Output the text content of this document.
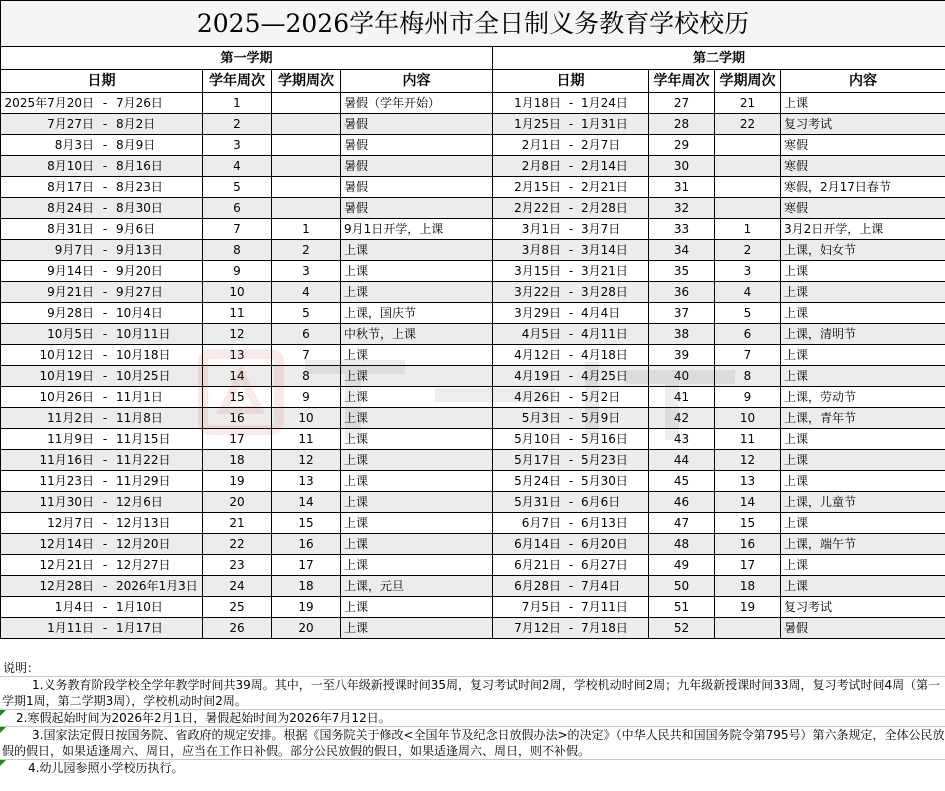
2025—2026学年梅州市全日制义务教育学校校历							
第一学期				第二学期			
日期	学年周次	学期周次	内容	日期	学年周次	学期周次	内容

2025年7月20日 - 7月26日	1		暑假（学年开始）	1月18日 - 1月24日	27	21	上课

7月27日 - 8月2日	2		暑假	1月25日 - 1月31日	28	22	复习考试

8月3日 - 8月9日	3		暑假	2月1日 - 2月7日	29		寒假

8月10日 - 8月16日	4		暑假	2月8日 - 2月14日	30		寒假

8月17日 - 8月23日	5		暑假	2月15日 - 2月21日	31		寒假，2月17日春节

8月24日 - 8月30日	6		暑假	2月22日 - 2月28日	32		寒假

8月31日 - 9月6日	7	1	9月1日开学，上课	3月1日 - 3月7日	33	1	3月2日开学，上课

9月7日 - 9月13日	8	2	上课	3月8日 - 3月14日	34	2	上课，妇女节

9月14日 - 9月20日	9	3	上课	3月15日 - 3月21日	35	3	上课

9月21日 - 9月27日	10	4	上课	3月22日 - 3月28日	36	4	上课

9月28日 - 10月4日	11	5	上课，国庆节	3月29日 - 4月4日	37	5	上课

10月5日 - 10月11日	12	6	中秋节，上课	4月5日 - 4月11日	38	6	上课，清明节

10月12日 - 10月18日	13	7	上课	4月12日 - 4月18日	39	7	上课

10月19日 - 10月25日	14	8	上课	4月19日 - 4月25日	40	8	上课

10月26日 - 11月1日	15	9	上课	4月26日 - 5月2日	41	9	上课，劳动节

11月2日 - 11月8日	16	10	上课	5月3日 - 5月9日	42	10	上课，青年节

11月9日 - 11月15日	17	11	上课	5月10日 - 5月16日	43	11	上课

11月16日 - 11月22日	18	12	上课	5月17日 - 5月23日	44	12	上课

11月23日 - 11月29日	19	13	上课	5月24日 - 5月30日	45	13	上课

11月30日 - 12月6日	20	14	上课	5月31日 - 6月6日	46	14	上课，儿童节

12月7日 - 12月13日	21	15	上课	6月7日 - 6月13日	47	15	上课

12月14日 - 12月20日	22	16	上课	6月14日 - 6月20日	48	16	上课，端午节

12月21日 - 12月27日	23	17	上课	6月21日 - 6月27日	49	17	上课

12月28日 - 2026年1月3日	24	18	上课，元旦	6月28日 - 7月4日	50	18	上课

1月4日 - 1月10日	25	19	上课	7月5日 - 7月11日	51	19	复习考试

1月11日 - 1月17日	26	20	上课	7月12日 - 7月18日	52		暑假
说明：
1.义务教育阶段学校全学年教学时间共39周。其中，一至八年级新授课时间35周，复习考试时间2周，学校机动时间2周；九年级新授课时间33周，复习考试时间4周（第一学期1周，第二学期3周），学校机动时间2周。
2.寒假起始时间为2026年2月1日，暑假起始时间为2026年7月12日。
3.国家法定假日按国务院、省政府的规定安排。根据《国务院关于修改<全国年节及纪念日放假办法>的决定》（中华人民共和国国务院令第795号）第六条规定，全体公民放假的假日，如果适逢周六、周日，应当在工作日补假。部分公民放假的假日，如果适逢周六、周日，则不补假。
4.幼儿园参照小学校历执行。
